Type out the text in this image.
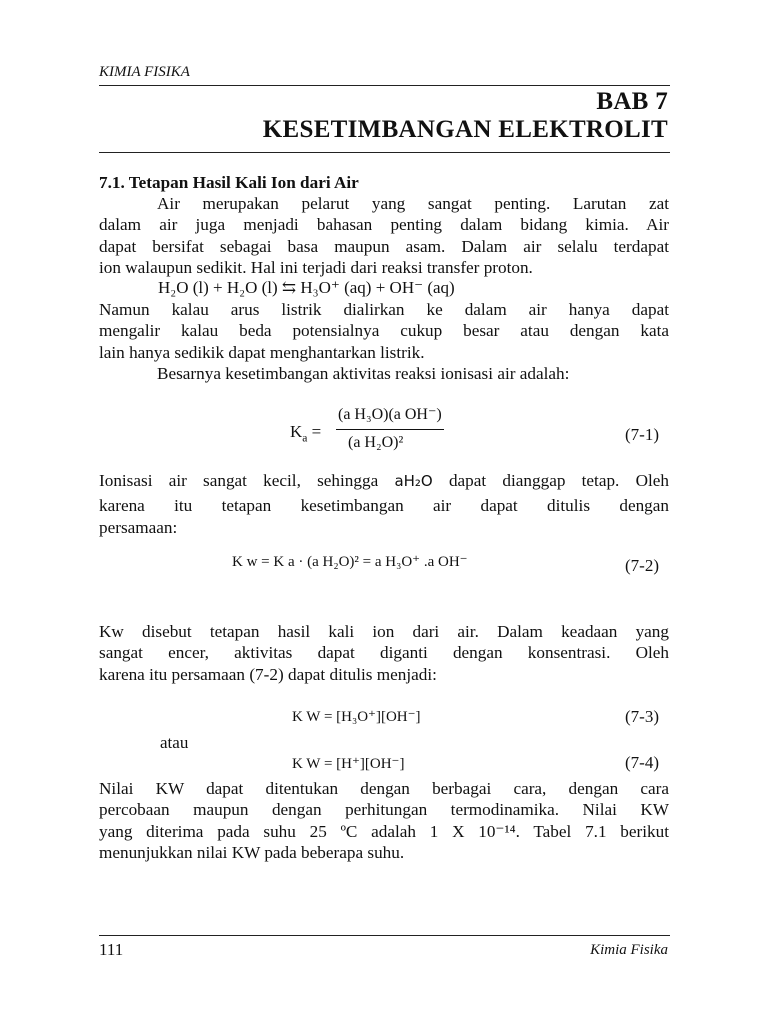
KIMIA FISIKA
BAB 7
KESETIMBANGAN ELEKTROLIT
7.1. Tetapan Hasil Kali Ion dari Air
Air merupakan pelarut yang sangat penting. Larutan zat
dalam air juga menjadi bahasan penting dalam bidang kimia. Air
dapat bersifat sebagai basa maupun asam. Dalam air selalu terdapat
ion walaupun sedikit. Hal ini terjadi dari reaksi transfer proton.
H₂O (l) + H₂O (l) ⇆ H₃O⁺ (aq) + OH⁻ (aq)
Namun kalau arus listrik dialirkan ke dalam air hanya dapat
mengalir kalau beda potensialnya cukup besar atau dengan kata
lain hanya sedikik dapat menghantarkan listrik.
Besarnya kesetimbangan aktivitas reaksi ionisasi air adalah:
$K_a$ =
(a H₃O)(a OH⁻)
(a H₂O)²	(7-1)
Ionisasi air sangat kecil, sehingga aH₂O dapat dianggap tetap. Oleh
karena itu tetapan kesetimbangan air dapat ditulis dengan
persamaan:
K w = K a · (a H₂O)² = a H₃O⁺ .a OH⁻	(7-2)
Kw disebut tetapan hasil kali ion dari air. Dalam keadaan yang
sangat encer, aktivitas dapat diganti dengan konsentrasi. Oleh
karena itu persamaan (7-2) dapat ditulis menjadi:
K W = [H₃O⁺][OH⁻]	(7-3)
atau
K W = [H⁺][OH⁻]	(7-4)
Nilai KW dapat ditentukan dengan berbagai cara, dengan cara
percobaan maupun dengan perhitungan termodinamika. Nilai KW
yang diterima pada suhu 25 ºC adalah 1 X 10⁻¹⁴. Tabel 7.1 berikut
menunjukkan nilai KW pada beberapa suhu.
111	Kimia Fisika
